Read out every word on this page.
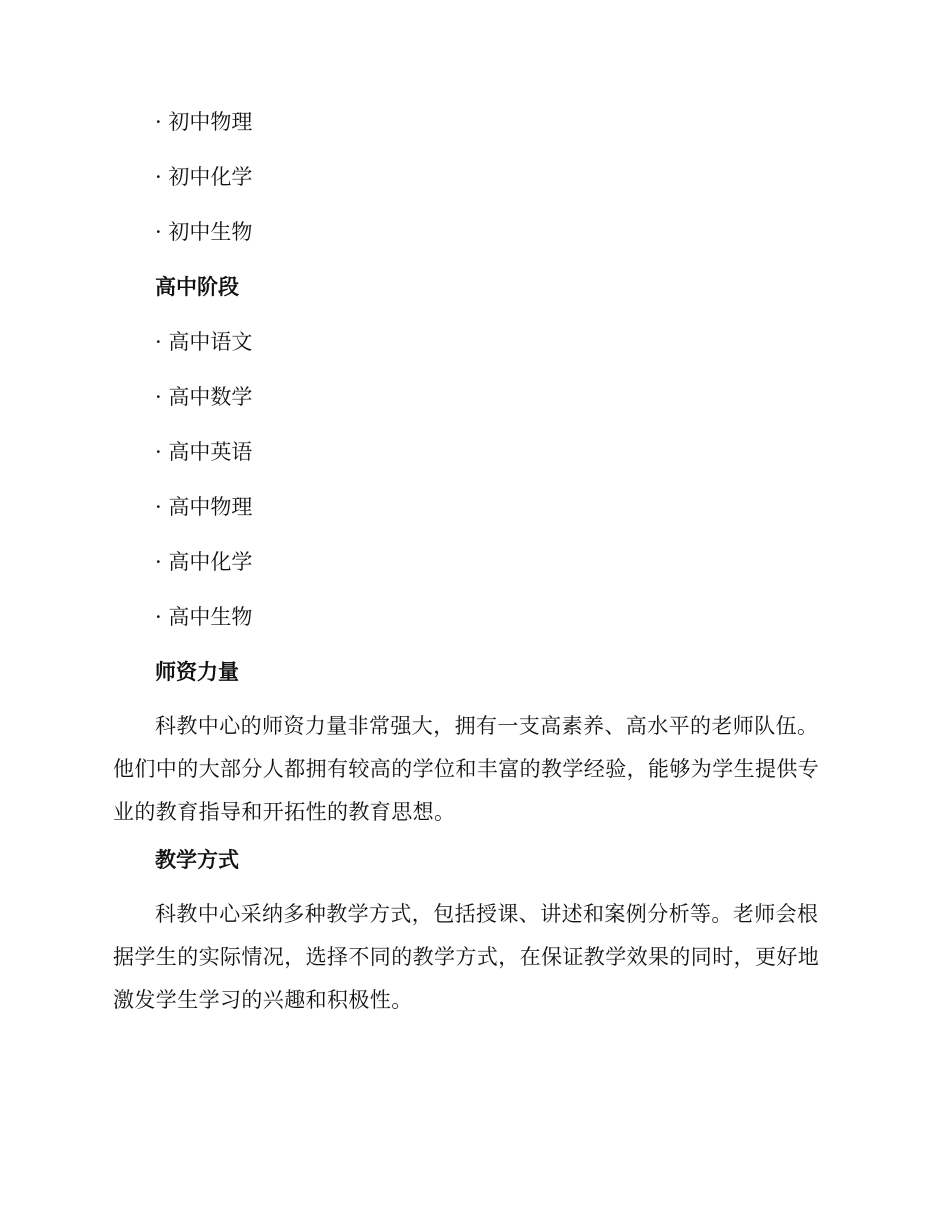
· 初中物理

· 初中化学

· 初中生物

高中阶段

· 高中语文

· 高中数学

· 高中英语

· 高中物理

· 高中化学

· 高中生物

师资力量

科教中心的师资力量非常强大，拥有一支高素养、高水平的老师队伍。他们中的大部分人都拥有较高的学位和丰富的教学经验，能够为学生提供专业的教育指导和开拓性的教育思想。

教学方式

科教中心采纳多种教学方式，包括授课、讲述和案例分析等。老师会根据学生的实际情况，选择不同的教学方式，在保证教学效果的同时，更好地激发学生学习的兴趣和积极性。
